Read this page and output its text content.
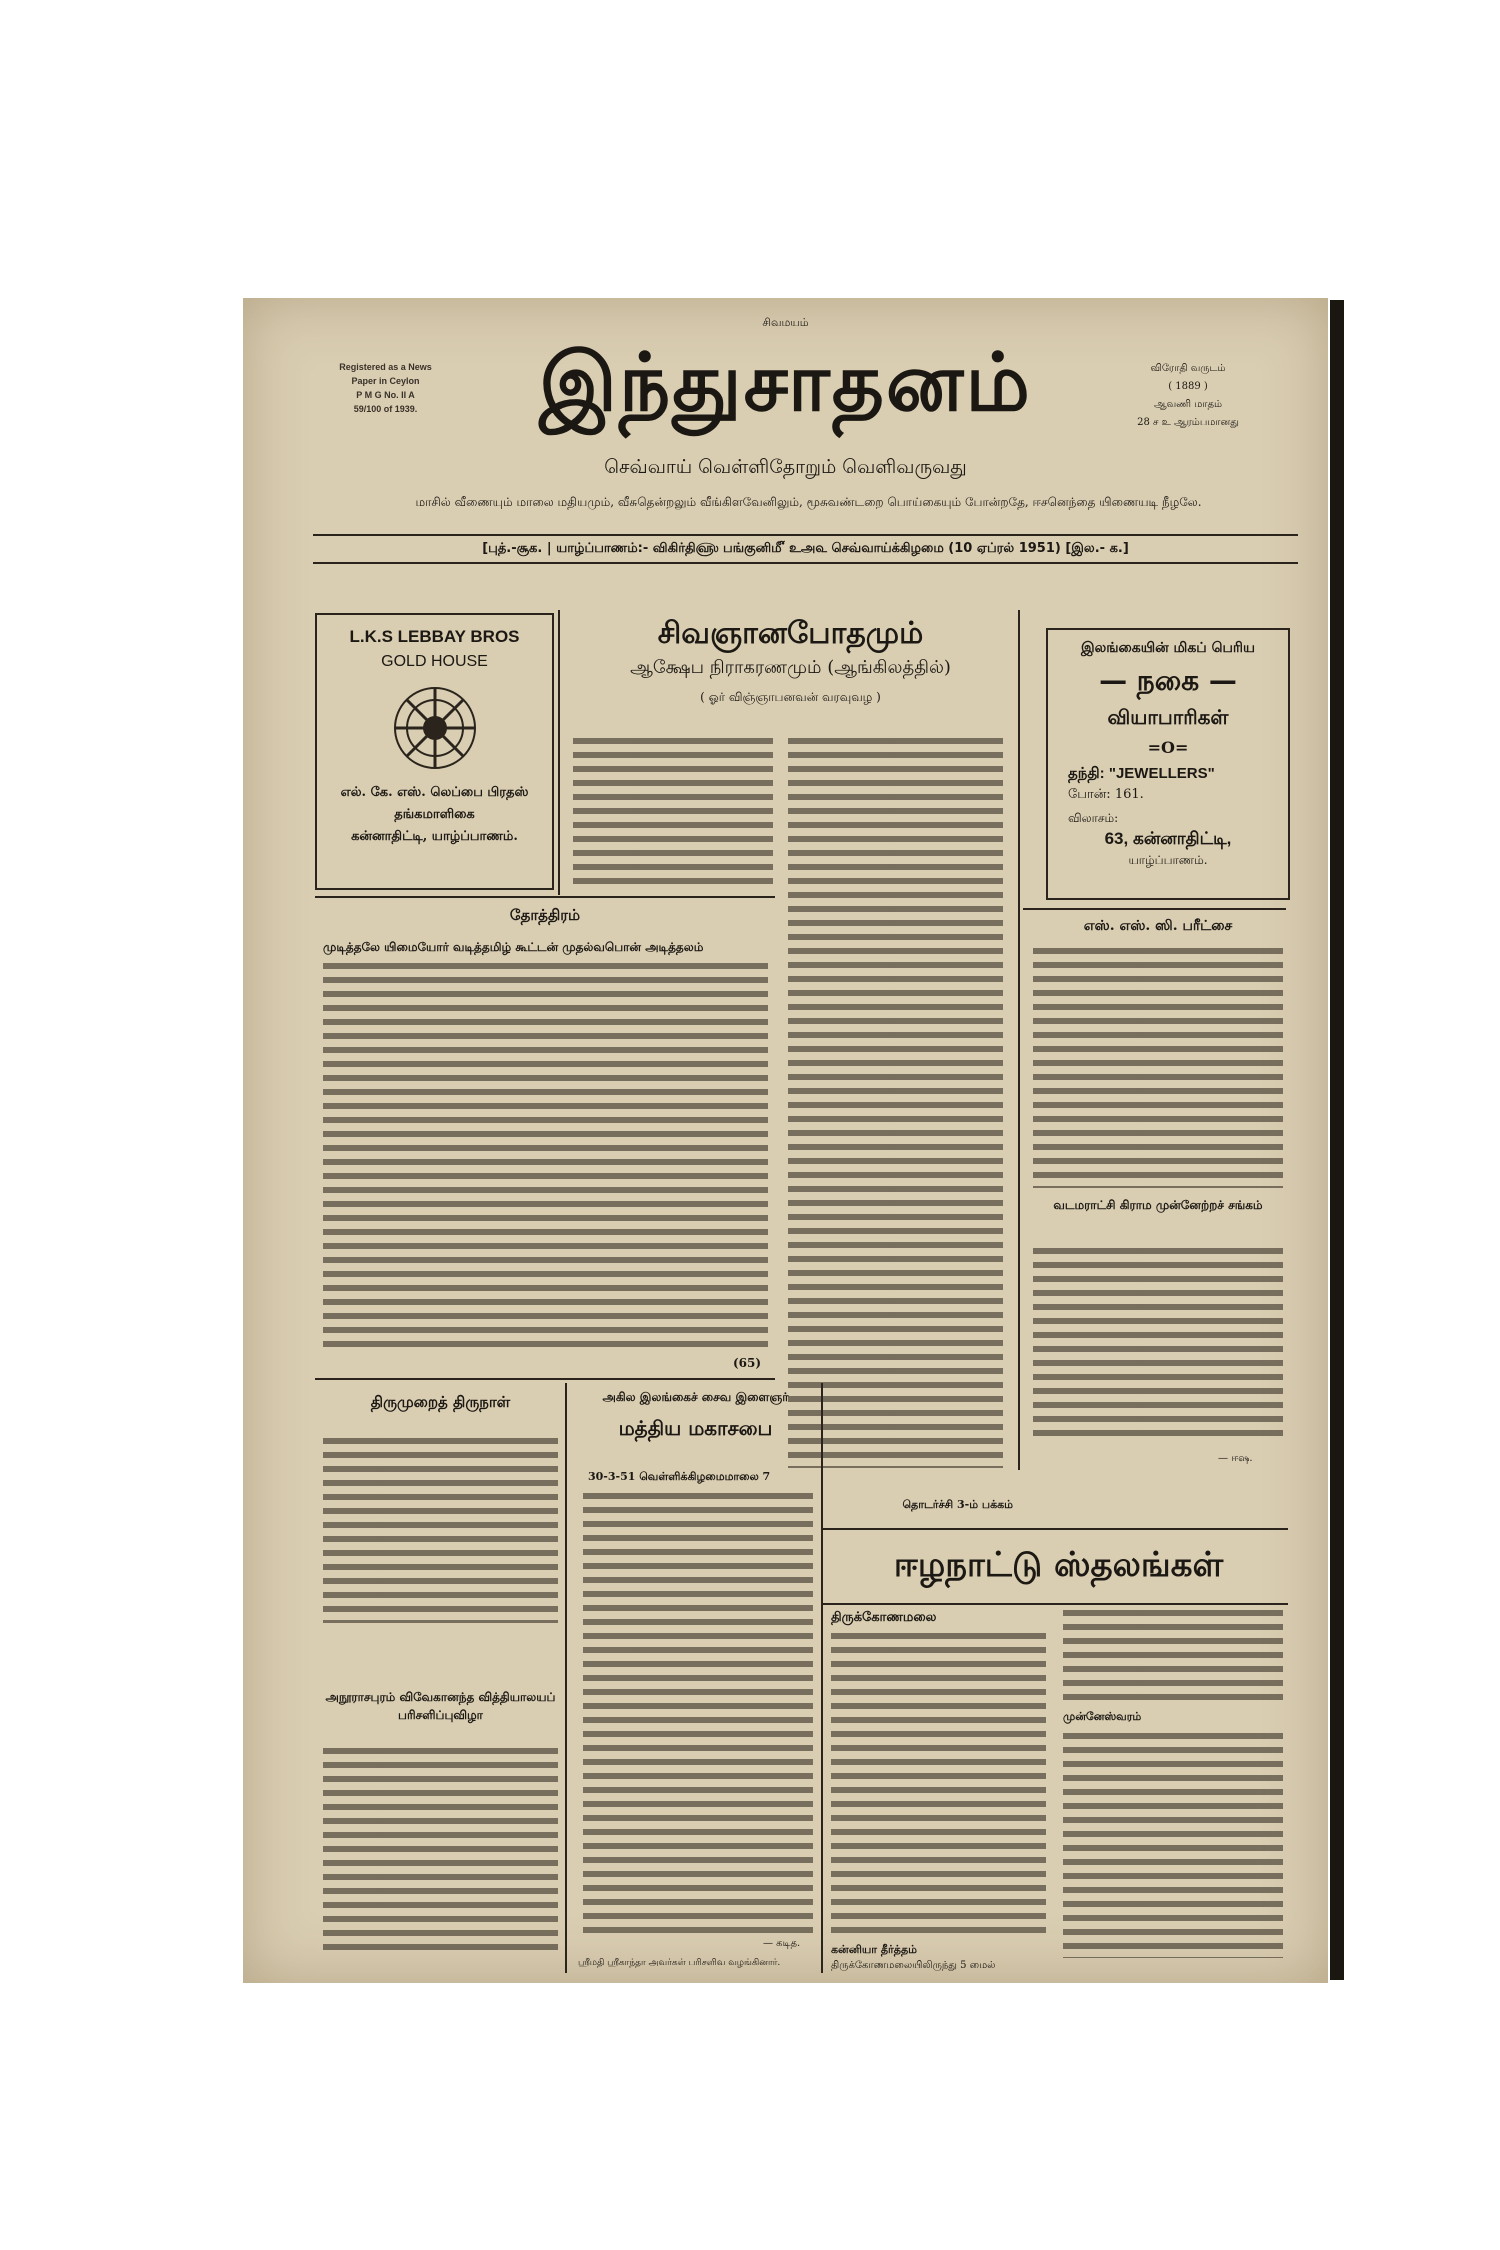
சிவமயம்
Registered as a News
Paper in Ceylon
P M G No. II A
59/100 of 1939.	இந்துசாதனம்	விரோதி வருடம்
( 1889 )
ஆவணி மாதம்
28 ச உ ஆரம்பமானது
செவ்வாய் வெள்ளிதோறும் வெளிவருவது
மாசில் வீணையும் மாலை மதியமும், வீசுதென்றலும் வீங்கிளவேனிலும், மூசுவண்டறை பொய்கையும் போன்றதே, ஈசனெந்தை யிணையடி நீழலே.
[புத்.-சூக. | யாழ்ப்பாணம்:- விகிர்தி௵ பங்குனி௴ உஅ௳ செவ்வாய்க்கிழமை (10 ஏப்ரல் 1951) [இல.- க.]
L.K.S LEBBAY BROS
GOLD HOUSE
எல். கே. எஸ். லெப்பை பிரதஸ்
தங்கமாளிகை
கன்னாதிட்டி, யாழ்ப்பாணம்.
சிவஞானபோதமும்
ஆக்ஷேப நிராகரணமும் (ஆங்கிலத்தில்)
( ஓர் விஞ்ஞாபனவன் வரவுவழ )
இலங்கையின் மிகப் பெரிய
— நகை —
வியாபாரிகள்
=O=
தந்தி: "JEWELLERS"
போன்: 161.
விலாசம்:
63, கன்னாதிட்டி,
யாழ்ப்பாணம்.
தோத்திரம்
முடித்தலே யிமையோர் வடித்தமிழ் கூட்டன் முதல்வபொன் அடித்தலம்
(65)
எஸ். எஸ். ஸி. பரீட்சை
வடமராட்சி கிராம முன்னேற்றச் சங்கம்
— ஈஷ.
திருமுறைத் திருநாள்
அநூராசபுரம் விவேகானந்த வித்தியாலயப் பரிசளிப்புவிழா
அகில இலங்கைச் சைவ இளைஞர்
மத்திய மகாசபை
30-3-51 வெள்ளிக்கிழமைமாலை 7
— கடித.
ஸ்ரீமதி ஸ்ரீகாந்தா அவர்கள் பரிசளிவ வழங்கினார்.
தொடர்ச்சி 3-ம் பக்கம்
ஈழநாட்டு ஸ்தலங்கள்
திருக்கோணமலை
கன்னியா தீர்த்தம்
திருக்கோணமலையிலிருந்து 5 மைல்
முன்னேஸ்வரம்
